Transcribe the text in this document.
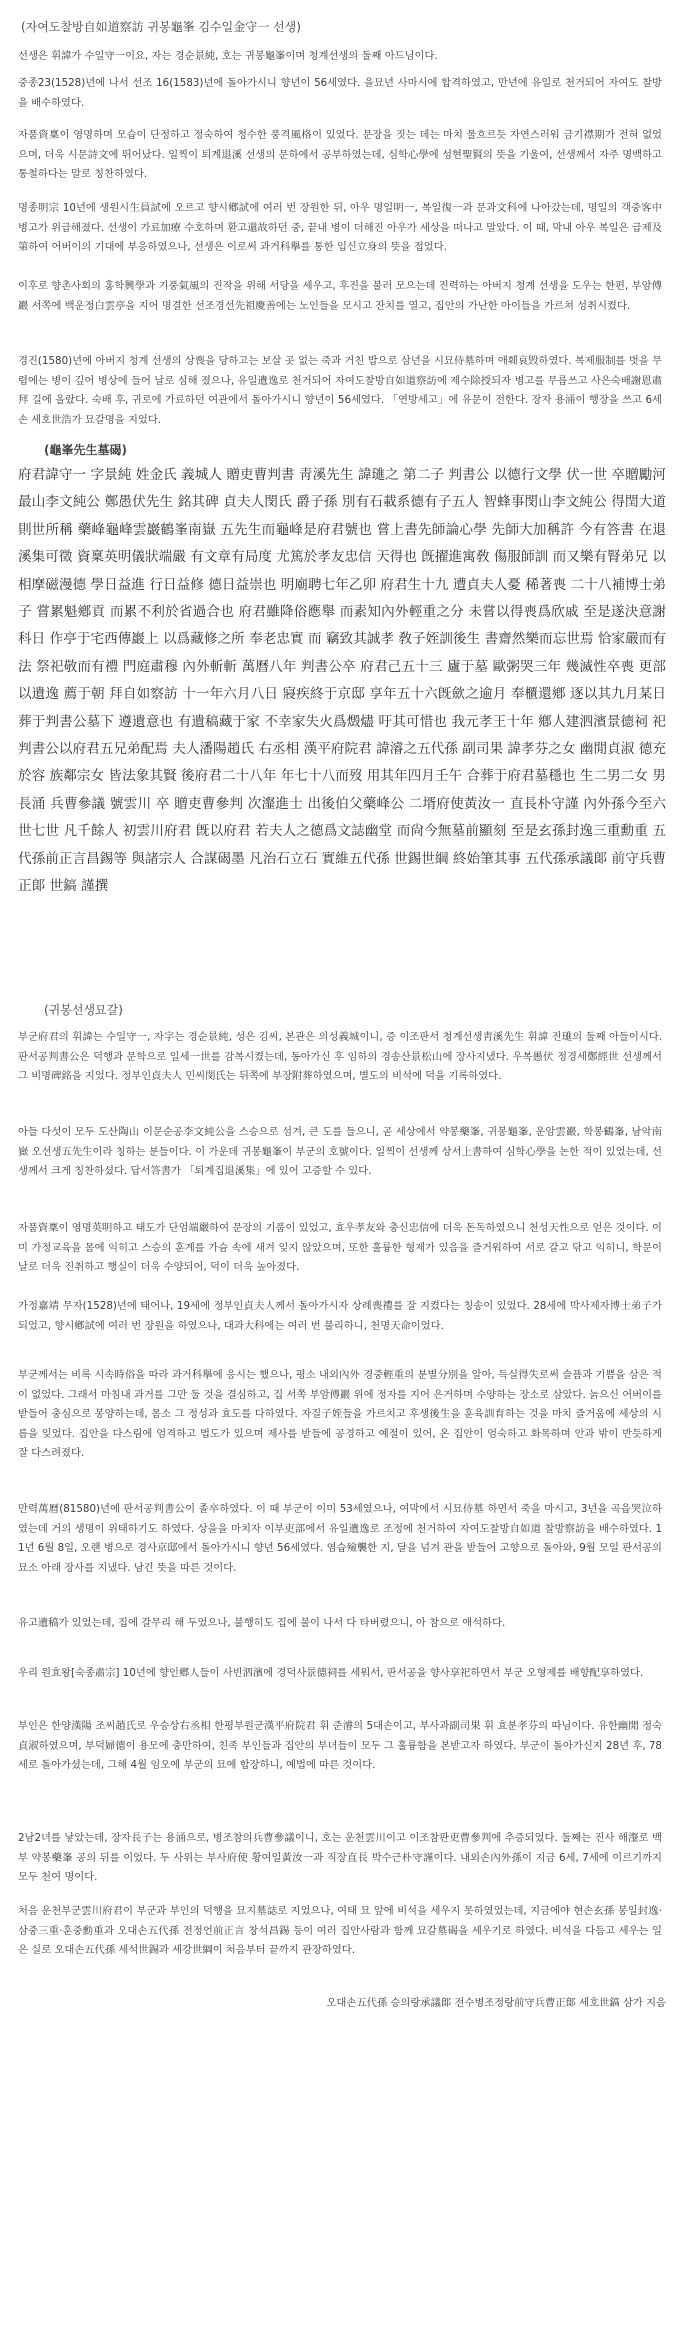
(자여도찰방自如道察訪 귀봉龜峯 김수일金守一 선생)
선생은 휘諱가 수일守一이요, 자는 경순景純, 호는 귀봉龜峯이며 청계선생의 둘째 아드님이다.
중종23(1528)년에 나서 선조 16(1583)년에 돌아가시니 향년이 56세였다. 을묘년 사마시에 합격하였고, 만년에 유일로 천거되어 자여도 찰방을 배수하였다.
자품資稟이 영명하며 모습이 단정하고 정숙하여 청수한 풍격風格이 있었다. 문장을 짓는 데는 마치 물흐르듯 자연스러워 금기襟期가 전혀 없었으며, 더욱 시문詩文에 뛰어났다. 일찍이 퇴계退溪 선생의 문하에서 공부하였는데, 심학心學에 성현聖賢의 뜻을 기울여, 선생께서 자주 명백하고 통철하다는 말로 칭찬하였다.
명종明宗 10년에 생원시生員試에 오르고 향시鄕試에 여러 번 장원한 뒤, 아우 명일明一, 복일復一과 문과文科에 나아갔는데, 명일의 객중客中 병고가 위급해졌다. 선생이 가료加療 수호하며 환고還故하던 중, 끝내 병이 더해진 아우가 세상을 떠나고 말았다. 이 때, 막내 아우 복일은 급제及第하여 어버이의 기대에 부응하였으나, 선생은 이로써 과거科擧를 통한 입신立身의 뜻을 접었다.
이후로 향촌사회의 홍학興學과 기풍氣風의 진작을 위해 서당을 세우고, 후진을 불러 모으는데 진력하는 아버지 청계 선생을 도우는 한편, 부암傅巖 서쪽에 백운정白雲亭을 지어 명결한 선조경선先祖慶善에는 노인들을 모시고 잔치를 열고, 집안의 가난한 아이들을 가르쳐 성취시켰다.
경진(1580)년에 아버지 청계 선생의 상喪을 당하고는 보살 곳 없는 죽과 거친 밥으로 삼년을 시묘侍墓하며 애훼哀毁하였다. 복제服制를 벗을 무렵에는 병이 깊어 병상에 들어 날로 심해 졌으나, 유일遺逸로 천거되어 자여도찰방自如道察訪에 제수除授되자 병고를 무릅쓰고 사은숙배謝恩肅拜 길에 올랐다. 숙배 후, 귀로에 가료하던 여관에서 돌아가시니 향년이 56세였다. 「연방세고」에 유문이 전한다. 장자 용涌이 행장을 쓰고 6세손 세호世浩가 묘갈명을 지었다.
(龜峯先生墓碣)
府君諱守一 字景純 姓金氏 義城人 贈吏曹判書 靑溪先生 諱璡之 第二子 判書公 以德行文學 伏一世 卒贈勵河最山李文純公 鄭愚伏先生 銘其碑 貞夫人閔氏 爵子孫 別有石載系德有子五人 智蜂事閔山李文純公 得閏大道 則世所稱 藥峰龜峰雲巖鶴峯南嶽 五先生而龜峰是府君號也 嘗上書先師論心學 先師大加稱許 今有答書 在退溪集可徵 資稟英明儀狀端嚴 有文章有局度 尤篤於孝友忠信 天得也 旣擢進寓敎 傷服師訓 而又樂有腎弟兄 以相摩磁漫德 學日益進 行日益修 德日益崇也 明廟聘七年乙卯 府君生十九 遭貞夫人憂 稀著喪 二十八補博士弟子 嘗累魁鄕貢 而累不利於省過合也 府君雖降俗應舉 而素知內外輕重之分 未嘗以得喪爲欣戚 至是遂決意謝科日 作亭于宅西傳巖上 以爲藏修之所 奉老忠實 而 竊致其誠孝 敎子姪訓後生 書齋然樂而忘世焉 恰家嚴而有法 祭祀敬而有禮 門庭肅穆 內外斬斬 萬曆八年 判書公卒 府君己五十三 廬于墓 歐粥哭三年 幾滅性卒喪 更部以遺逸 薦于朝 拜自如察訪 十一年六月八日 寢疾終于京邸 享年五十六旣歛之逾月 奉櫃還鄕 逐以其九月某日 葬于判書公墓下 遵遺意也 有遺稿藏于家 不幸家失火爲燬燼 吁其可惜也 我元孝王十年 鄕人建泗濱景德祠 祀判書公以府君五兄弟配焉 夫人潘陽趙氏 右丞相 漢平府院君 諱濬之五代孫 副司果 諱孝芬之女 幽閒貞淑 德充於容 族鄰宗女 皆法象其賢 後府君二十八年 年七十八而歿 用其年四月壬午 合葬于府君墓穩也 生二男二女 男長涌 兵曹參議 號雲川 卒 贈吏曹參判 次瀣進士 出後伯父藥峰公 二壻府使黃汝一 直長朴守謹 內外孫今至六世七世 凡千餘人 初雲川府君 旣以府君 若夫人之德爲文誌幽堂 而尙今無墓前顯刻 至是玄孫封逸三重勳重 五代孫前正言昌錫等 與諸宗人 合謀碣墨 凡治石立石 實維五代孫 世錫世綱 終始筆其事 五代孫承議郞 前守兵曹正郞 世鎬 謹撰
(귀봉선생묘갈)
부군府君의 휘諱는 수일守一, 자字는 경순景純, 성은 김씨, 본관은 의성義城이니, 증 이조판서 청계선생靑溪先生 휘諱 진璡의 둘째 아들이시다. 판서공判書公은 덕행과 문학으로 일세一世를 감복시켰는데, 동아가신 후 임하의 경송산景松山에 장사지냈다. 우복愚伏 정경세鄭經世 선생께서 그 비명碑銘을 지었다. 정부인貞夫人 민씨閔氏는 뒤쪽에 부장附葬하였으며, 별도의 비석에 덕을 기록하였다.
아들 다섯이 모두 도산陶山 이문순공李文純公을 스승으로 섬겨, 큰 도를 들으니, 곧 세상에서 약봉藥峯, 귀봉龜峯, 운암雲巖, 학봉鶴峯, 남악南嶽 오선생五先生이라 칭하는 분들이다. 이 가운데 귀봉龜峯이 부군의 호號이다. 일찍이 선생께 상서上書하여 심학心學을 논한 적이 있었는데, 선생께서 크게 칭찬하셨다. 답서答書가 「퇴계집退溪集」에 있어 고증할 수 있다.
자품資稟이 영명英明하고 태도가 단엄端嚴하여 문장의 기품이 있었고, 효우孝友와 충신忠信에 더욱 돈독하였으니 천성天性으로 얻은 것이다. 이미 가정교육을 몸에 익히고 스승의 훈계를 가슴 속에 새겨 잊지 않았으며, 또한 훌륭한 형제가 있음을 즐거워하여 서로 갈고 닦고 익히니, 학문이 날로 더욱 진취하고 행실이 더욱 수양되어, 덕이 더욱 높아졌다.
가정嘉靖 무자(1528)년에 태어나, 19세에 정부인貞夫人께서 돌아가시자 상례喪禮를 잘 지켰다는 칭송이 있었다. 28세에 박사제자博士弟子가 되었고, 향시鄕試에 여러 번 장원을 하였으나, 대과大科에는 여러 번 불리하니, 천명天命이었다.
부군께서는 비록 시속時俗을 따라 과거科擧에 응시는 했으나, 평소 내외內外 경중輕重의 분별分別을 알아, 득실得失로써 슬픔과 기쁨을 삼은 적이 없었다. 그래서 마침내 과거를 그만 둘 것을 결심하고, 집 서쪽 부암傅巖 위에 정자를 지어 은거하며 수양하는 장소로 삼았다. 늙으신 어버이를 받들어 충심으로 봉양하는데, 몸소 그 정성과 효도를 다하였다. 자질子姪들을 가르치고 후생後生을 훈육訓育하는 것을 마치 즐거움에 세상의 시름을 잊었다. 집안을 다스림에 엄격하고 법도가 있으며 제사를 받들에 공경하고 예절이 있어, 온 집안이 엄숙하고 화목하며 안과 밖이 반듯하게 잘 다스려졌다.
만력萬曆(81580)년에 판서공判書公이 졸卒하였다. 이 때 부군이 이미 53세였으나, 여막에서 시묘侍墓 하면서 죽을 마시고, 3년을 곡읍哭泣하였는데 거의 생명이 위태하기도 하였다. 상을을 마치자 이부吏部에서 유일遺逸로 조정에 천거하여 자여도찰방自如道 찰방察訪을 배수하였다. 11년 6월 8일, 오랜 병으로 경사京邸에서 돌아가시니 향년 56세였다. 염습殮襲한 지, 달을 넘겨 관을 받들어 고향으로 돌아와, 9월 모일 판서공의 묘소 아래 장사를 지냈다. 남긴 뜻을 따른 것이다.
유고遺稿가 있었는데, 집에 갈무리 해 두었으나, 불행히도 집에 불이 나서 다 타버렸으니, 아 참으로 애석하다.
우리 원효왕[숙종肅宗] 10년에 향인鄕人들이 사빈泗濱에 경덕사景德祠를 세워서, 판서공을 향사享祀하면서 부군 오형제를 배향配享하였다.
부인은 한양漢陽 조씨趙氏로 우승상右丞相 한평부원군漢平府院君 휘 준濬의 5대손이고, 부사과副司果 휘 효분孝芬의 따님이다. 유한幽閒 정숙貞淑하였으며, 부덕婦德이 용모에 충만하여, 친족 부인들과 집안의 부녀들이 모두 그 훌륭함을 본받고자 하였다. 부군이 돌아가신지 28년 후, 78세로 돌아가셨는데, 그해 4월 임오에 부군의 묘에 합장하니, 예법에 따른 것이다.
2남2녀를 낳았는데, 장자長子는 용涌으로, 병조참의兵曹參議이니, 호는 운천雲川이고 이조참판吏曹參判에 추증되었다. 둘째는 진사 해瀣로 백부 약봉藥峯 공의 뒤를 이었다. 두 사위는 부사府使 황여일黃汝一과 직장直長 박수근朴守謹이다. 내외손內外孫이 지금 6세, 7세에 이르기까지 모두 천여 명이다.
처음 운천부군雲川府君이 부군과 부인의 덕행을 묘지墓誌로 지었으나, 여태 묘 앞에 비석을 세우지 못하였었는데, 지금에야 현손玄孫 봉일封逸·삼중三重·훈중勳重과 오대손五代孫 전정언前正言 창석昌錫 등이 여러 집안사람과 함께 묘갈墓碣을 세우기로 하였다. 비석을 다듬고 세우는 일은 실로 오대손五代孫 세석世錫과 세강世綱이 처음부터 끝까지 관장하였다.
오대손五代孫 승의랑承議郞 전수병조정랑前守兵曹正郞 세호世鎬 삼가 지음
